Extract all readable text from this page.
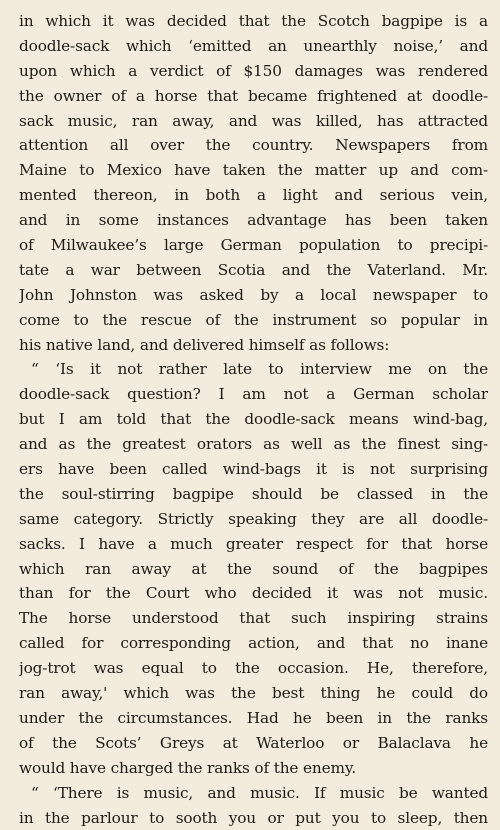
in which it was decided that the Scotch bagpipe is a
doodle-sack which ‘emitted an unearthly noise,’ and
upon which a verdict of $150 damages was rendered
the owner of a horse that became frightened at doodle-
sack music, ran away, and was killed, has attracted
attention all over the country. Newspapers from
Maine to Mexico have taken the matter up and com-
mented thereon, in both a light and serious vein,
and in some instances advantage has been taken
of Milwaukee’s large German population to precipi-
tate a war between Scotia and the Vaterland. Mr.
John Johnston was asked by a local newspaper to
come to the rescue of the instrument so popular in
his native land, and delivered himself as follows:
“ ‘Is it not rather late to interview me on the
doodle-sack question? I am not a German scholar
but I am told that the doodle-sack means wind-bag,
and as the greatest orators as well as the finest sing-
ers have been called wind-bags it is not surprising
the soul-stirring bagpipe should be classed in the
same category. Strictly speaking they are all doodle-
sacks. I have a much greater respect for that horse
which ran away at the sound of the bagpipes
than for the Court who decided it was not music.
The horse understood that such inspiring strains
called for corresponding action, and that no inane
jog-trot was equal to the occasion. He, therefore,
ran away,' which was the best thing he could do
under the circumstances. Had he been in the ranks
of the Scots’ Greys at Waterloo or Balaclava he
would have charged the ranks of the enemy.
“ ‘There is music, and music. If music be wanted
in the parlour to sooth you or put you to sleep, then
